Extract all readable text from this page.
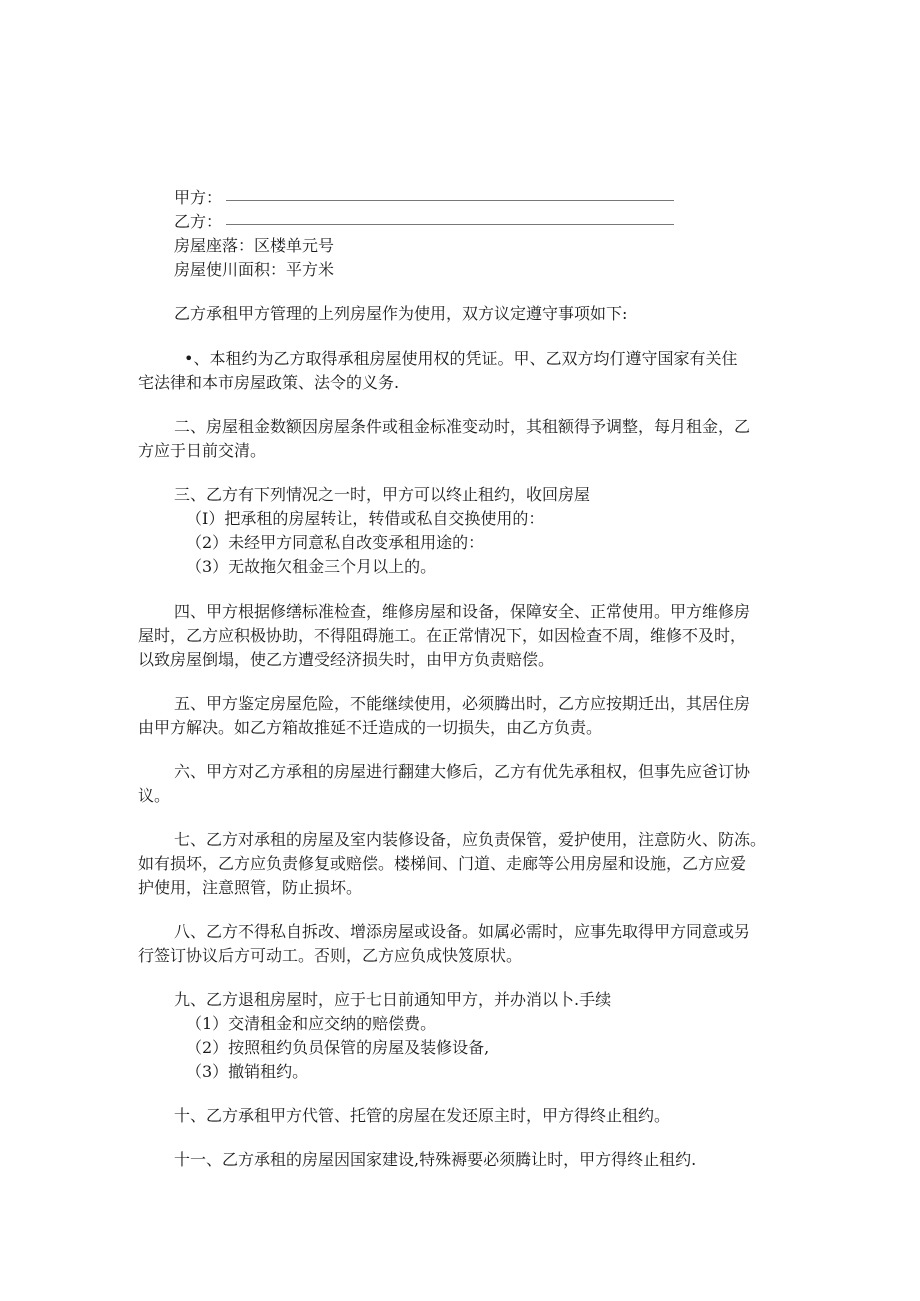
甲方：
乙方：
房屋座落：区楼单元号
房屋使川面积：平方米
乙方承租甲方管理的上列房屋作为使用，双方议定遵守事项如下:
•、本租约为乙方取得承租房屋使用权的凭证。甲、乙双方均仃遵守国家有关住
宅法律和本市房屋政策、法令的义务.
二、房屋租金数额因房屋条件或租金标准变动时，其租额得予调整，每月租金，乙
方应于日前交清。
三、乙方有下列情况之一时，甲方可以终止租约，收回房屋
（I）把承租的房屋转让，转借或私自交换使用的：
（2）未经甲方同意私自改变承租用途的：
（3）无故拖欠租金三个月以上的。
四、甲方根据修缮标准检查，维修房屋和设备，保障安全、正常使用。甲方维修房
屋时，乙方应积极协助，不得阻碍施工。在正常情况下，如因检查不周，维修不及时，
以致房屋倒塌，使乙方遭受经济损失时，由甲方负责赔偿。
五、甲方鉴定房屋危险，不能继续使用，必须腾出时，乙方应按期迁出，其居住房
由甲方解决。如乙方箱故推延不迁造成的一切损失，由乙方负责。
六、甲方对乙方承租的房屋进行翻建大修后，乙方有优先承租权，但事先应爸订协
议。
七、乙方对承租的房屋及室内装修设备，应负责保管，爱护使用，注意防火、防冻。
如有损坏，乙方应负责修复或赔偿。楼梯间、门道、走廊等公用房屋和设施，乙方应爱
护使用，注意照管，防止损坏。
八、乙方不得私自拆改、增添房屋或设备。如属必需时，应事先取得甲方同意或另
行签订协议后方可动工。否则，乙方应负成快笈原状。
九、乙方退租房屋时，应于七日前通知甲方，并办消以卜.手续
（1）交清租金和应交纳的赔偿费。
（2）按照租约负员保管的房屋及装修设备,
（3）撤销租约。
十、乙方承租甲方代管、托管的房屋在发还原主时，甲方得终止租约。
十一、乙方承租的房屋因国家建设,特殊褥要必须腾让时，甲方得终止租约.
